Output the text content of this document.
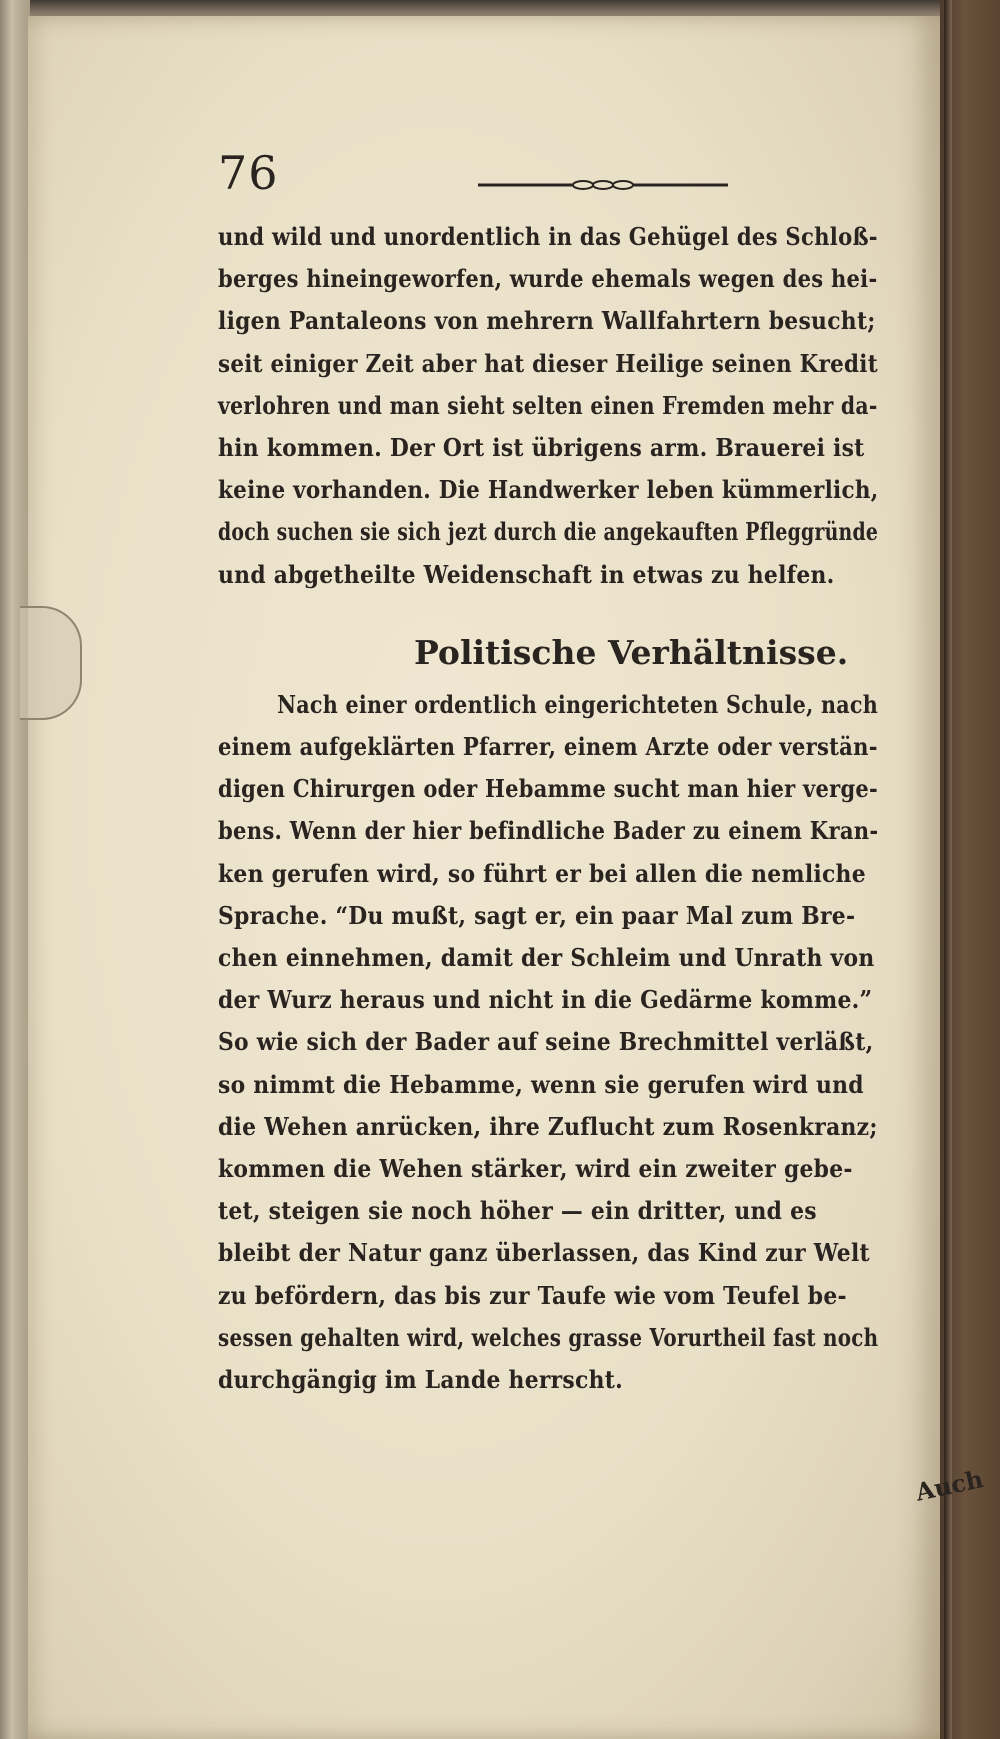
76
und wild und unordentlich in das Gehügel des Schloß-
berges hineingeworfen, wurde ehemals wegen des hei-
ligen Pantaleons von mehrern Wallfahrtern besucht;
seit einiger Zeit aber hat dieser Heilige seinen Kredit
verlohren und man sieht selten einen Fremden mehr da-
hin kommen. Der Ort ist übrigens arm. Brauerei ist
keine vorhanden. Die Handwerker leben kümmerlich,
doch suchen sie sich jezt durch die angekauften Pfleggründe
und abgetheilte Weidenschaft in etwas zu helfen.
Politische Verhältnisse.
Nach einer ordentlich eingerichteten Schule, nach
einem aufgeklärten Pfarrer, einem Arzte oder verstän-
digen Chirurgen oder Hebamme sucht man hier verge-
bens. Wenn der hier befindliche Bader zu einem Kran-
ken gerufen wird, so führt er bei allen die nemliche
Sprache. “Du mußt, sagt er, ein paar Mal zum Bre-
chen einnehmen, damit der Schleim und Unrath von
der Wurz heraus und nicht in die Gedärme komme.”
So wie sich der Bader auf seine Brechmittel verläßt,
so nimmt die Hebamme, wenn sie gerufen wird und
die Wehen anrücken, ihre Zuflucht zum Rosenkranz;
kommen die Wehen stärker, wird ein zweiter gebe-
tet, steigen sie noch höher — ein dritter, und es
bleibt der Natur ganz überlassen, das Kind zur Welt
zu befördern, das bis zur Taufe wie vom Teufel be-
sessen gehalten wird, welches grasse Vorurtheil fast noch
durchgängig im Lande herrscht.
Auch
